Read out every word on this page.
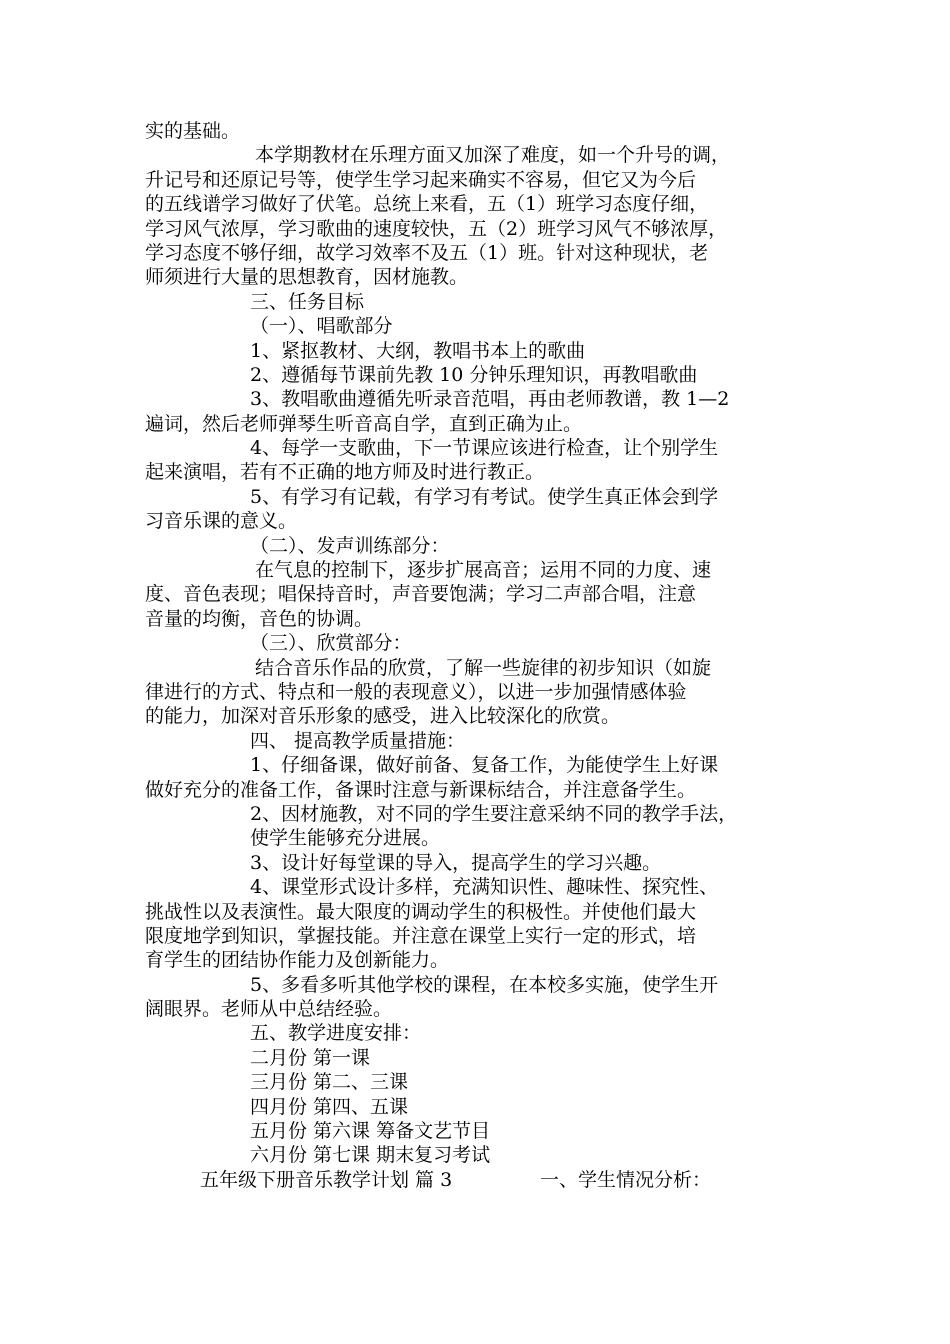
实的基础。
本学期教材在乐理方面又加深了难度，如一个升号的调，
升记号和还原记号等，使学生学习起来确实不容易，但它又为今后
的五线谱学习做好了伏笔。总统上来看，五（1）班学习态度仔细，
学习风气浓厚，学习歌曲的速度较快，五（2）班学习风气不够浓厚，
学习态度不够仔细，故学习效率不及五（1）班。针对这种现状，老
师须进行大量的思想教育，因材施教。
三、任务目标
（一）、唱歌部分
1、紧抠教材、大纲，教唱书本上的歌曲
2、遵循每节课前先教 10 分钟乐理知识，再教唱歌曲
3、教唱歌曲遵循先听录音范唱，再由老师教谱，教 1—2
遍词，然后老师弹琴生听音高自学，直到正确为止。
4、每学一支歌曲，下一节课应该进行检查，让个别学生
起来演唱，若有不正确的地方师及时进行教正。
5、有学习有记载，有学习有考试。使学生真正体会到学
习音乐课的意义。
（二）、发声训练部分：
在气息的控制下，逐步扩展高音；运用不同的力度、速
度、音色表现；唱保持音时，声音要饱满；学习二声部合唱，注意
音量的均衡，音色的协调。
（三）、欣赏部分：
结合音乐作品的欣赏，了解一些旋律的初步知识（如旋
律进行的方式、特点和一般的表现意义），以进一步加强情感体验
的能力，加深对音乐形象的感受，进入比较深化的欣赏。
四、 提高教学质量措施：
1、仔细备课，做好前备、复备工作，为能使学生上好课
做好充分的准备工作，备课时注意与新课标结合，并注意备学生。
2、因材施教，对不同的学生要注意采纳不同的教学手法，
使学生能够充分进展。
3、设计好每堂课的导入，提高学生的学习兴趣。
4、课堂形式设计多样，充满知识性、趣味性、探究性、
挑战性以及表演性。最大限度的调动学生的积极性。并使他们最大
限度地学到知识，掌握技能。并注意在课堂上实行一定的形式，培
育学生的团结协作能力及创新能力。
5、多看多听其他学校的课程，在本校多实施，使学生开
阔眼界。老师从中总结经验。
五、教学进度安排：
二月份 第一课
三月份 第二、三课
四月份 第四、五课
五月份 第六课 筹备文艺节目
六月份 第七课 期末复习考试
五年级下册音乐教学计划 篇 3	一、学生情况分析：
